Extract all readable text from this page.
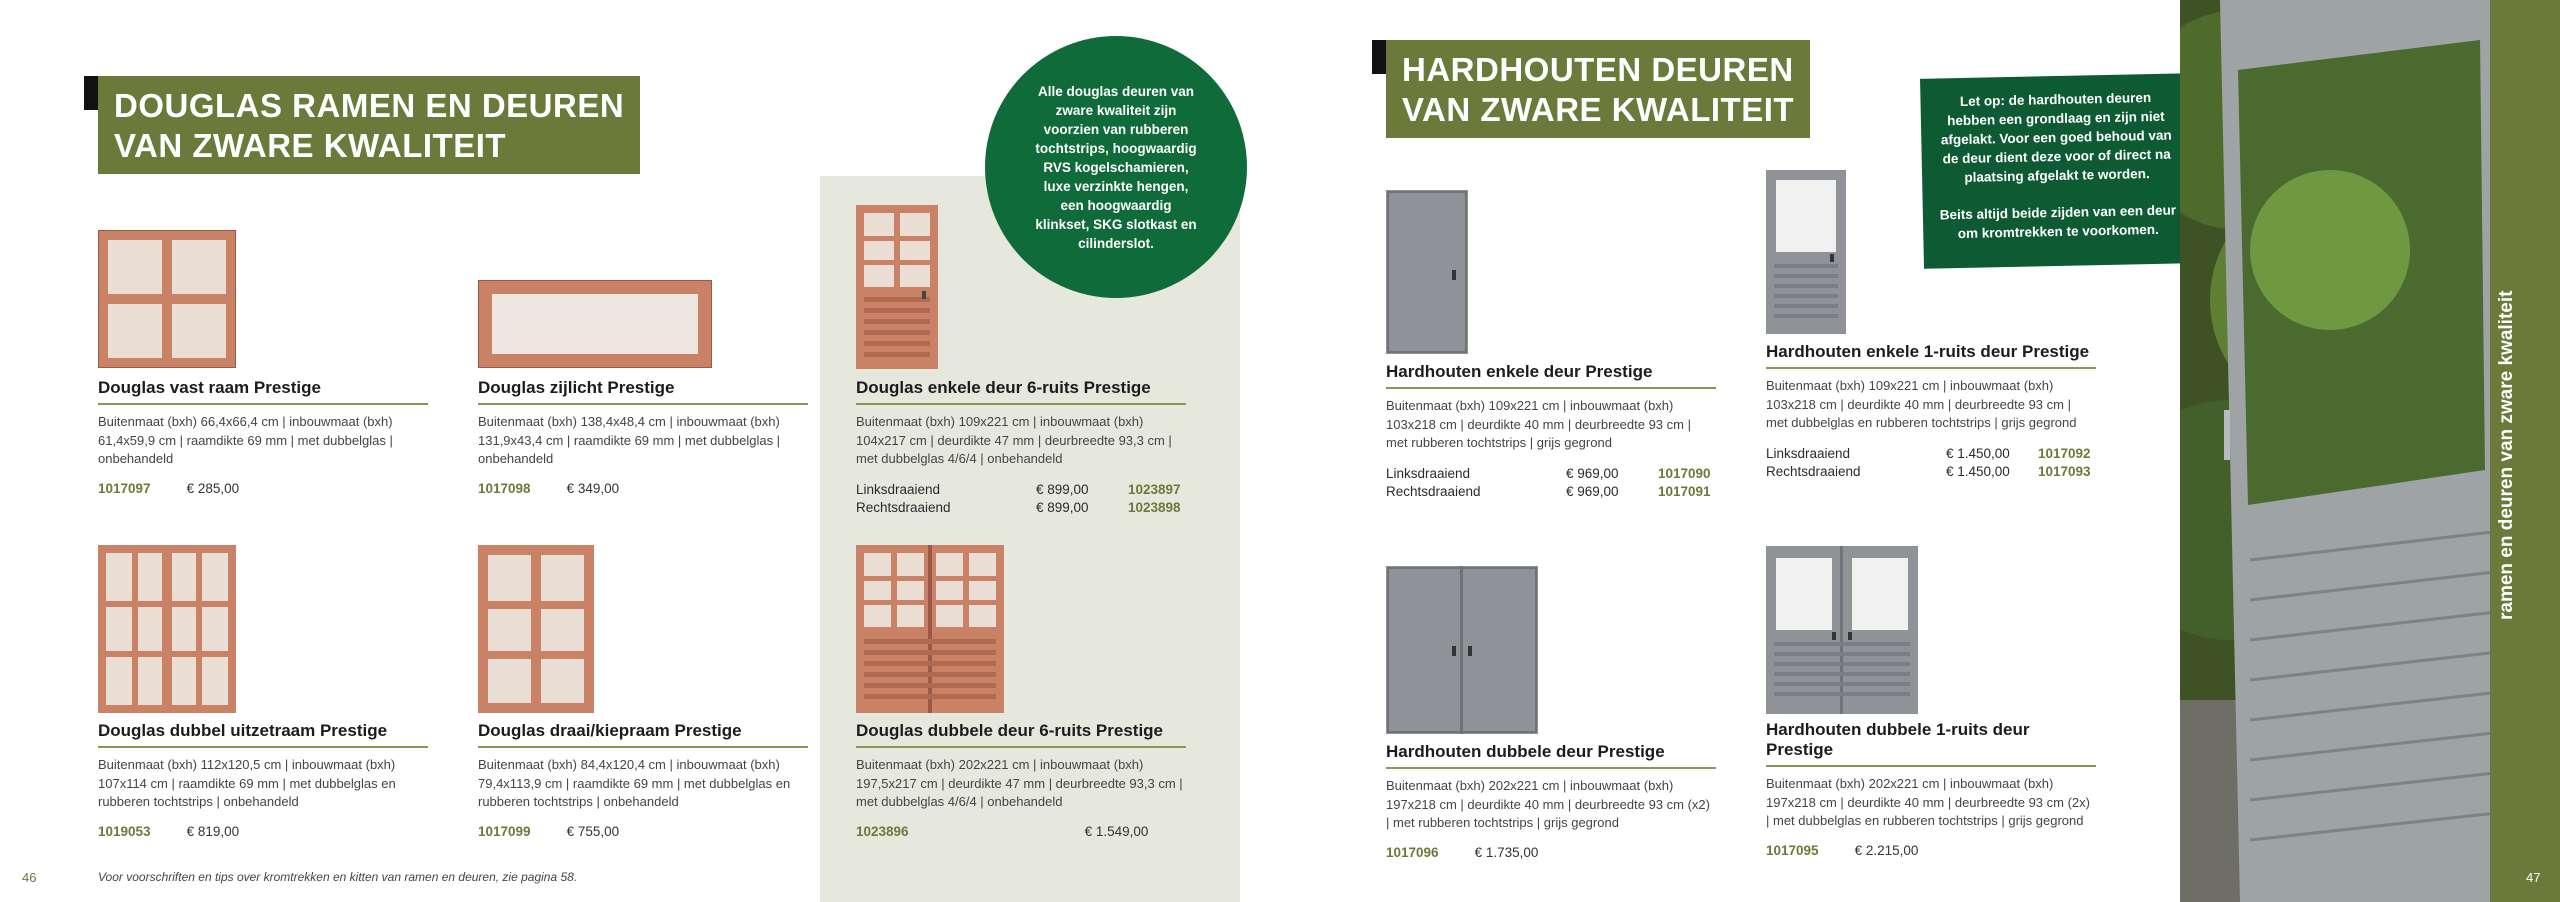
DOUGLAS RAMEN EN DEUREN
VAN ZWARE KWALITEIT
Alle douglas deuren van zware kwaliteit zijn voorzien van rubberen tochtstrips, hoogwaardig RVS kogelschamieren, luxe verzinkte hengen, een hoogwaardig klinkset, SKG slotkast en cilinderslot.
Douglas vast raam Prestige
Buitenmaat (bxh) 66,4x66,4 cm | inbouwmaat (bxh) 61,4x59,9 cm | raamdikte 69 mm | met dubbelglas | onbehandeld
1017097	€ 285,00
Douglas zijlicht Prestige
Buitenmaat (bxh) 138,4x48,4 cm | inbouwmaat (bxh) 131,9x43,4 cm | raamdikte 69 mm | met dubbelglas | onbehandeld
1017098	€ 349,00
Douglas enkele deur 6-ruits Prestige
Buitenmaat (bxh) 109x221 cm | inbouwmaat (bxh) 104x217 cm | deurdikte 47 mm | deurbreedte 93,3 cm | met dubbelglas 4/6/4 | onbehandeld
Linksdraaiend	€ 899,00	1023897
Rechtsdraaiend	€ 899,00	1023898
Douglas dubbel uitzetraam Prestige
Buitenmaat (bxh) 112x120,5 cm | inbouwmaat (bxh) 107x114 cm | raamdikte 69 mm | met dubbelglas en rubberen tochtstrips | onbehandeld
1019053	€ 819,00
Douglas draai/kiepraam Prestige
Buitenmaat (bxh) 84,4x120,4 cm | inbouwmaat (bxh) 79,4x113,9 cm | raamdikte 69 mm | met dubbelglas en rubberen tochtstrips | onbehandeld
1017099	€ 755,00
Douglas dubbele deur 6-ruits Prestige
Buitenmaat (bxh) 202x221 cm | inbouwmaat (bxh) 197,5x217 cm | deurdikte 47 mm | deurbreedte 93,3 cm | met dubbelglas 4/6/4 | onbehandeld
1023896	€ 1.549,00
46	Voor voorschriften en tips over kromtrekken en kitten van ramen en deuren, zie pagina 58.
HARDHOUTEN DEUREN
VAN ZWARE KWALITEIT	Let op: de hardhouten deuren hebben een grondlaag en zijn niet afgelakt. Voor een goed behoud van de deur dient deze voor of direct na plaatsing afgelakt te worden.

Beits altijd beide zijden van een deur om kromtrekken te voorkomen.

ramen en deuren van zware kwaliteit
Hardhouten enkele deur Prestige
Buitenmaat (bxh) 109x221 cm | inbouwmaat (bxh) 103x218 cm | deurdikte 40 mm | deurbreedte 93 cm | met rubberen tochtstrips | grijs gegrond
Linksdraaiend	€ 969,00	1017090
Rechtsdraaiend	€ 969,00	1017091
Hardhouten enkele 1-ruits deur Prestige
Buitenmaat (bxh) 109x221 cm | inbouwmaat (bxh) 103x218 cm | deurdikte 40 mm | deurbreedte 93 cm | met dubbelglas en rubberen tochtstrips | grijs gegrond
Linksdraaiend	€ 1.450,00	1017092
Rechtsdraaiend	€ 1.450,00	1017093
Hardhouten dubbele deur Prestige
Buitenmaat (bxh) 202x221 cm | inbouwmaat (bxh) 197x218 cm | deurdikte 40 mm | deurbreedte 93 cm (x2) | met rubberen tochtstrips | grijs gegrond
1017096	€ 1.735,00
Hardhouten dubbele 1-ruits deur Prestige
Buitenmaat (bxh) 202x221 cm | inbouwmaat (bxh) 197x218 cm | deurdikte 40 mm | deurbreedte 93 cm (2x) | met dubbelglas en rubberen tochtstrips | grijs gegrond
1017095	€ 2.215,00
47
